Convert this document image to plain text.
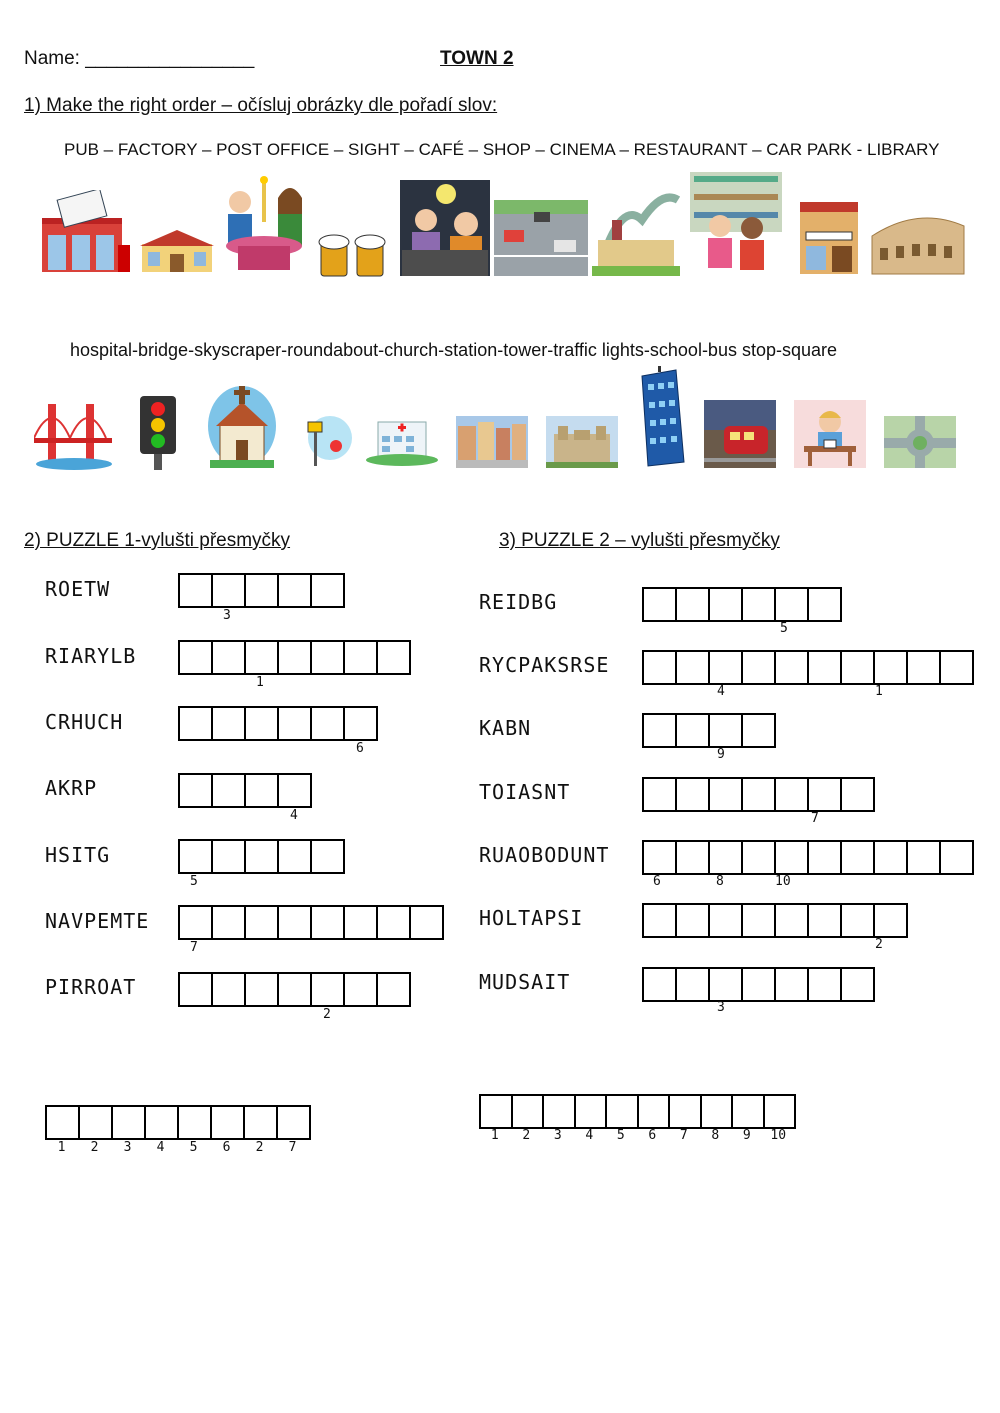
Name: ________________	TOWN 2
1) Make the right order – očísluj obrázky dle pořadí slov:
PUB – FACTORY – POST OFFICE – SIGHT – CAFÉ – SHOP – CINEMA – RESTAURANT – CAR PARK - LIBRARY
hospital-bridge-skyscraper-roundabout-church-station-tower-traffic lights-school-bus stop-square
2) PUZZLE 1-vylušti přesmyčky	3) PUZZLE 2 – vylušti přesmyčky
ROETW
3
RIARYLB
1
CRHUCH
6
AKRP
4
HSITG
5
NAVPEMTE
7
PIRROAT
2
REIDBG
5
RYCPAKSRSE
4	1
KABN
9
TOIASNT
7
RUAOBODUNT
6	8	10
HOLTAPSI
2
MUDSAIT
3
1	2	3	4	5	6	2	7
1	2	3	4	5	6	7	8	9	10
